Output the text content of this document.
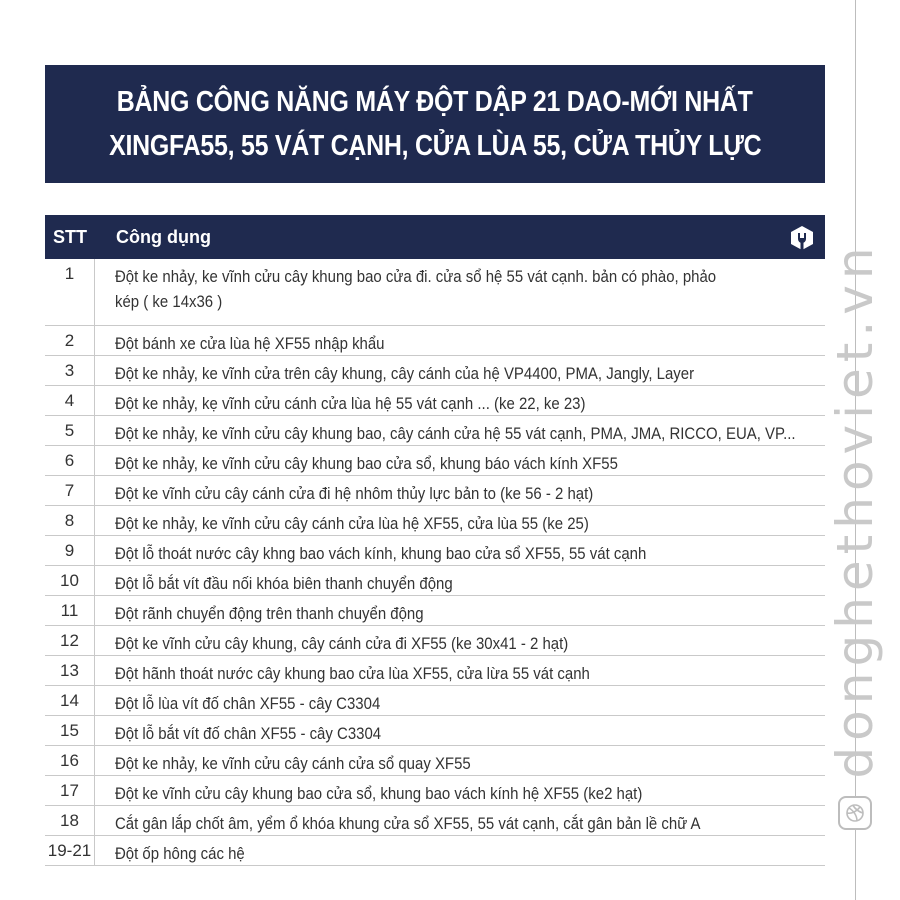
BẢNG CÔNG NĂNG MÁY ĐỘT DẬP 21 DAO-MỚI NHẤT
XINGFA55, 55 VÁT CẠNH, CỬA LÙA 55, CỬA THỦY LỰC
STT	Công dụng
1	Đột ke nhảy, ke vĩnh cửu cây khung bao cửa đi. cửa sổ hệ 55 vát cạnh. bản có phào, phảo kép ( ke 14x36 )
2	Đột bánh xe cửa lùa hệ XF55 nhập khẩu
3	Đột ke nhảy, ke vĩnh cửa trên cây khung, cây cánh của hệ VP4400, PMA, Jangly, Layer
4	Đột ke nhảy, kẹ vĩnh cửu cánh cửa lùa hệ 55 vát cạnh ... (ke 22, ke 23)
5	Đột ke nhảy, ke vĩnh cửu cây khung bao, cây cánh cửa hệ 55 vát cạnh, PMA, JMA, RICCO, EUA, VP...
6	Đột ke nhảy, ke vĩnh cửu cây khung bao cửa sổ, khung báo vách kính XF55
7	Đột ke vĩnh cửu cây cánh cửa đi hệ nhôm thủy lực bản to (ke 56 - 2 hạt)
8	Đột ke nhảy, ke vĩnh cửu cây cánh cửa lùa hệ XF55, cửa lùa 55 (ke 25)
9	Đột lỗ thoát nước cây khng bao vách kính, khung bao cửa sổ XF55, 55 vát cạnh
10	Đột lỗ bắt vít đầu nối khóa biên thanh chuyển động
11	Đột rãnh chuyển động trên thanh chuyển động
12	Đột ke vĩnh cửu cây khung, cây cánh cửa đi XF55 (ke 30x41 - 2 hạt)
13	Đột hãnh thoát nước cây khung bao cửa lùa XF55, cửa lừa 55 vát cạnh
14	Đột lỗ lùa vít đố chân XF55 - cây C3304
15	Đột lỗ bắt vít đố chân XF55 - cây C3304
16	Đột ke nhảy, ke vĩnh cửu cây cánh cửa sổ quay XF55
17	Đột ke vĩnh cửu cây khung bao cửa sổ, khung bao vách kính hệ XF55 (ke2 hạt)
18	Cắt gân lắp chốt âm, yểm ổ khóa khung cửa sổ XF55, 55 vát cạnh, cắt gân bản lề chữ A
19-21	Đột ốp hông các hệ
donghethoviet.vn
